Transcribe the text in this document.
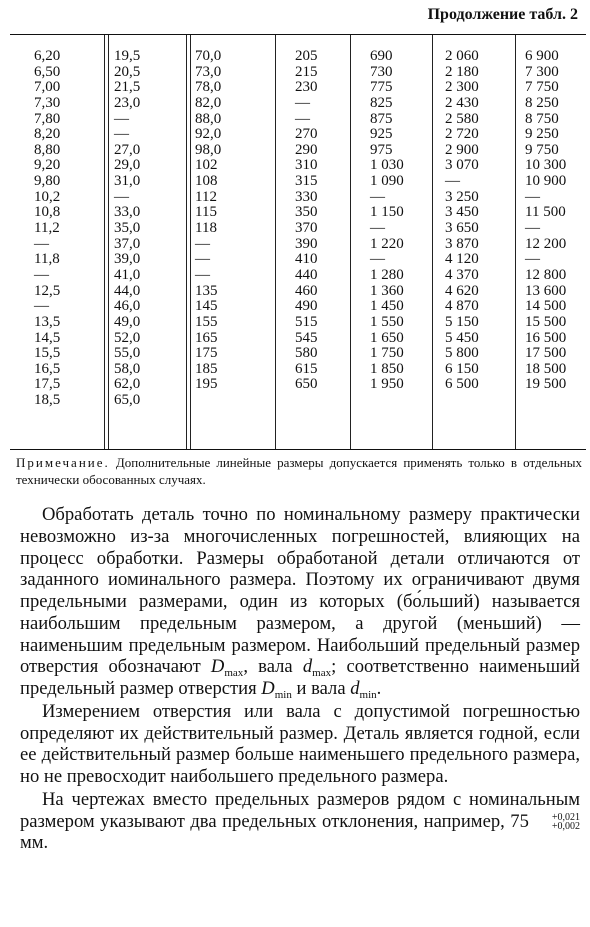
Продолжение табл. 2
6,20
6,50
7,00
7,30
7,80
8,20
8,80
9,20
9,80
10,2
10,8
11,2
—
11,8
—
12,5
—
13,5
14,5
15,5
16,5
17,5
18,5
19,5
20,5
21,5
23,0
—
—
27,0
29,0
31,0
—
33,0
35,0
37,0
39,0
41,0
44,0
46,0
49,0
52,0
55,0
58,0
62,0
65,0
70,0
73,0
78,0
82,0
88,0
92,0
98,0
102
108
112
115
118
—
—
—
135
145
155
165
175
185
195
205
215
230
—
—
270
290
310
315
330
350
370
390
410
440
460
490
515
545
580
615
650
690
730
775
825
875
925
975
1 030
1 090
—
1 150
—
1 220
—
1 280
1 360
1 450
1 550
1 650
1 750
1 850
1 950
2 060
2 180
2 300
2 430
2 580
2 720
2 900
3 070
—
3 250
3 450
3 650
3 870
4 120
4 370
4 620
4 870
5 150
5 450
5 800
6 150
6 500
6 900
7 300
7 750
8 250
8 750
9 250
9 750
10 300
10 900
—
11 500
—
12 200
—
12 800
13 600
14 500
15 500
16 500
17 500
18 500
19 500
Примечание. Дополнительные линейные размеры допускается применять только в отдельных технически обосованных случаях.

Обработать деталь точно по номинальному размеру практически невозможно из-за многочисленных погрешностей, влияющих на процесс обработки. Размеры обработаной детали отличаются от заданного иоминального размера. Поэтому их ограничивают двумя предельными размерами, один из которых (бо́льший) называется наибольшим предельным размером, а другой (меньший) — наименьшим предельным размером. Наибольший предельный размер отверстия обозначают $D_{max}$, вала $d_{max}$; соответственно наименьший предельный размер отверстия $D_{min}$ и вала $d_{min}$.

Измерением отверстия или вала с допустимой погрешностью определяют их действительный размер. Деталь является годной, если ее действительный размер больше наименьшего предельного размера, но не превосходит наибольшего предельного размера.

На чертежах вместо предельных размеров рядом с номинальным размером указывают два предельных отклонения, например, 75	+0,021
+0,002
мм.
